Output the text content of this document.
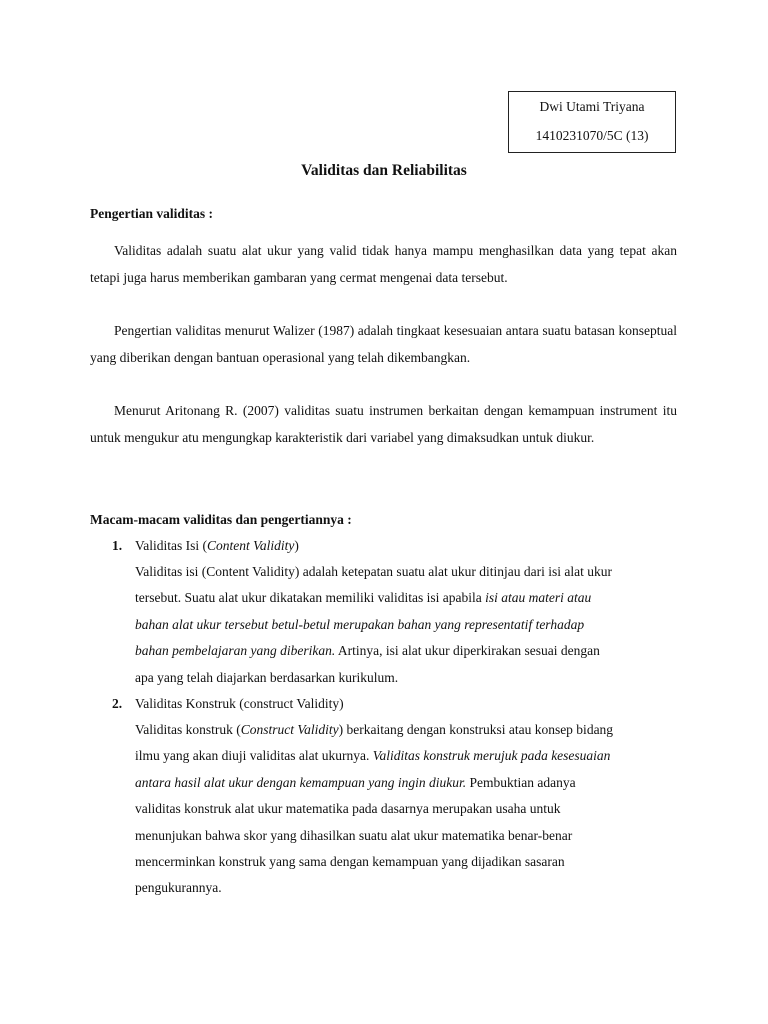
Dwi Utami Triyana
1410231070/5C (13)
Validitas dan Reliabilitas
Pengertian validitas :

Validitas adalah suatu alat ukur yang valid tidak hanya mampu menghasilkan data yang tepat akan tetapi juga harus memberikan gambaran yang cermat mengenai data tersebut.

Pengertian validitas menurut Walizer (1987) adalah tingkaat kesesuaian antara suatu batasan konseptual yang diberikan dengan bantuan operasional yang telah dikembangkan.

Menurut Aritonang R. (2007) validitas suatu instrumen berkaitan dengan kemampuan instrument itu untuk mengukur atu mengungkap karakteristik dari variabel yang dimaksudkan untuk diukur.

Macam-macam validitas dan pengertiannya :
1. Validitas Isi (Content Validity)
Validitas isi (Content Validity) adalah ketepatan suatu alat ukur ditinjau dari isi alat ukur
tersebut. Suatu alat ukur dikatakan memiliki validitas isi apabila isi atau materi atau
bahan alat ukur tersebut betul-betul merupakan bahan yang representatif terhadap
bahan pembelajaran yang diberikan. Artinya, isi alat ukur diperkirakan sesuai dengan
apa yang telah diajarkan berdasarkan kurikulum.
2. Validitas Konstruk (construct Validity)
Validitas konstruk (Construct Validity) berkaitang dengan konstruksi atau konsep bidang
ilmu yang akan diuji validitas alat ukurnya. Validitas konstruk merujuk pada kesesuaian
antara hasil alat ukur dengan kemampuan yang ingin diukur. Pembuktian adanya
validitas konstruk alat ukur matematika pada dasarnya merupakan usaha untuk
menunjukan bahwa skor yang dihasilkan suatu alat ukur matematika benar-benar
mencerminkan konstruk yang sama dengan kemampuan yang dijadikan sasaran
pengukurannya.
